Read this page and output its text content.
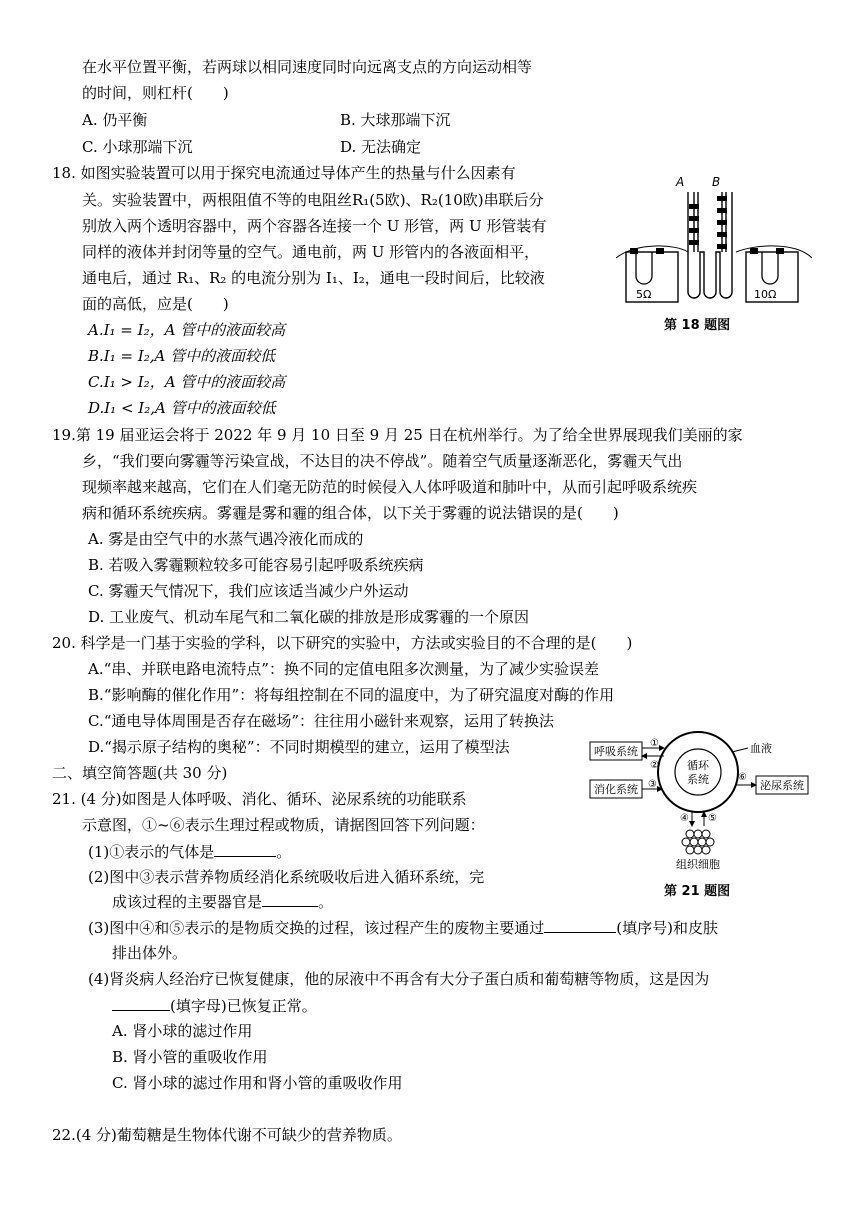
在水平位置平衡，若两球以相同速度同时向远离支点的方向运动相等
的时间，则杠杆(　　)
A. 仍平衡	B. 大球那端下沉
C. 小球那端下沉	D. 无法确定
18. 如图实验装置可以用于探究电流通过导体产生的热量与什么因素有
关。实验装置中，两根阻值不等的电阻丝R₁(5欧)、R₂(10欧)串联后分
别放入两个透明容器中，两个容器各连接一个 U 形管，两 U 形管装有
同样的液体并封闭等量的空气。通电前，两 U 形管内的各液面相平，
通电后，通过 R₁、R₂ 的电流分别为 I₁、I₂，通电一段时间后，比较液
面的高低，应是(　　)
A.I₁ = I₂，A 管中的液面较高
B.I₁ = I₂,A 管中的液面较低
C.I₁ > I₂，A 管中的液面较高
D.I₁ < I₂,A 管中的液面较低
A B
5Ω	10Ω
第 18 题图
19.第 19 届亚运会将于 2022 年 9 月 10 日至 9 月 25 日在杭州举行。为了给全世界展现我们美丽的家
乡，“我们要向雾霾等污染宣战，不达目的决不停战”。随着空气质量逐渐恶化，雾霾天气出
现频率越来越高，它们在人们毫无防范的时候侵入人体呼吸道和肺叶中，从而引起呼吸系统疾
病和循环系统疾病。雾霾是雾和霾的组合体，以下关于雾霾的说法错误的是(　　)
A. 雾是由空气中的水蒸气遇冷液化而成的
B. 若吸入雾霾颗粒较多可能容易引起呼吸系统疾病
C. 雾霾天气情况下，我们应该适当减少户外运动
D. 工业废气、机动车尾气和二氧化碳的排放是形成雾霾的一个原因
20. 科学是一门基于实验的学科，以下研究的实验中，方法或实验目的不合理的是(　　)
A.“串、并联电路电流特点”：换不同的定值电阻多次测量，为了减少实验误差
B.“影响酶的催化作用”：将每组控制在不同的温度中，为了研究温度对酶的作用
C.“通电导体周围是否存在磁场”：往往用小磁针来观察，运用了转换法
D.“揭示原子结构的奥秘”：不同时期模型的建立，运用了模型法
二、填空简答题(共 30 分)
21. (4 分)如图是人体呼吸、消化、循环、泌尿系统的功能联系
示意图，①~⑥表示生理过程或物质，请据图回答下列问题：
(1)①表示的气体是	。
(2)图中③表示营养物质经消化系统吸收后进入循环系统，完
成该过程的主要器官是	。
(3)图中④和⑤表示的是物质交换的过程，该过程产生的废物主要通过	(填序号)和皮肤
排出体外。
(4)肾炎病人经治疗已恢复健康，他的尿液中不再含有大分子蛋白质和葡萄糖等物质，这是因为
(填字母)已恢复正常。
A. 肾小球的滤过作用
B. 肾小管的重吸收作用
C. 肾小球的滤过作用和肾小管的重吸收作用
呼吸系统
消化系统	泌尿系统
循环
系统
血液
①
②
③
④ ⑤
⑥
组织细胞
第 21 题图
22.(4 分)葡萄糖是生物体代谢不可缺少的营养物质。
